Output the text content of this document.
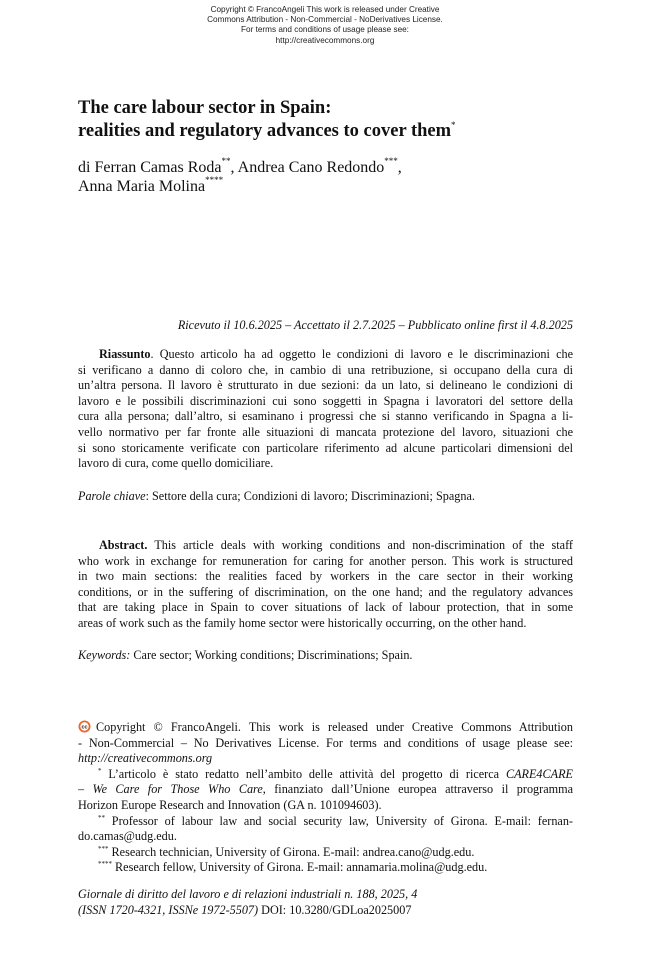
Copyright © FrancoAngeli This work is released under Creative
Commons Attribution - Non-Commercial - NoDerivatives License.
For terms and conditions of usage please see:
http://creativecommons.org
The care labour sector in Spain:
realities and regulatory advances to cover them*
di Ferran Camas Roda**, Andrea Cano Redondo***,
Anna Maria Molina****
Ricevuto il 10.6.2025 – Accettato il 2.7.2025 – Pubblicato online first il 4.8.2025
Riassunto. Questo articolo ha ad oggetto le condizioni di lavoro e le discriminazioni che
si verificano a danno di coloro che, in cambio di una retribuzione, si occupano della cura di
un’altra persona. Il lavoro è strutturato in due sezioni: da un lato, si delineano le condizioni di
lavoro e le possibili discriminazioni cui sono soggetti in Spagna i lavoratori del settore della
cura alla persona; dall’altro, si esaminano i progressi che si stanno verificando in Spagna a li-
vello normativo per far fronte alle situazioni di mancata protezione del lavoro, situazioni che
si sono storicamente verificate con particolare riferimento ad alcune particolari dimensioni del
lavoro di cura, come quello domiciliare.
Parole chiave: Settore della cura; Condizioni di lavoro; Discriminazioni; Spagna.
Abstract. This article deals with working conditions and non-discrimination of the staff
who work in exchange for remuneration for caring for another person. This work is structured
in two main sections: the realities faced by workers in the care sector in their working
conditions, or in the suffering of discrimination, on the one hand; and the regulatory advances
that are taking place in Spain to cover situations of lack of labour protection, that in some
areas of work such as the family home sector were historically occurring, on the other hand.
Keywords: Care sector; Working conditions; Discriminations; Spain.
cc Copyright © FrancoAngeli. This work is released under Creative Commons Attribution
- Non-Commercial – No Derivatives License. For terms and conditions of usage please see:
http://creativecommons.org
* L’articolo è stato redatto nell’ambito delle attività del progetto di ricerca CARE4CARE
– We Care for Those Who Care, finanziato dall’Unione europea attraverso il programma
Horizon Europe Research and Innovation (GA n. 101094603).
** Professor of labour law and social security law, University of Girona. E-mail: fernan-
do.camas@udg.edu.
*** Research technician, University of Girona. E-mail: andrea.cano@udg.edu.
**** Research fellow, University of Girona. E-mail: annamaria.molina@udg.edu.
Giornale di diritto del lavoro e di relazioni industriali n. 188, 2025, 4
(ISSN 1720-4321, ISSNe 1972-5507) DOI: 10.3280/GDLoa2025007
